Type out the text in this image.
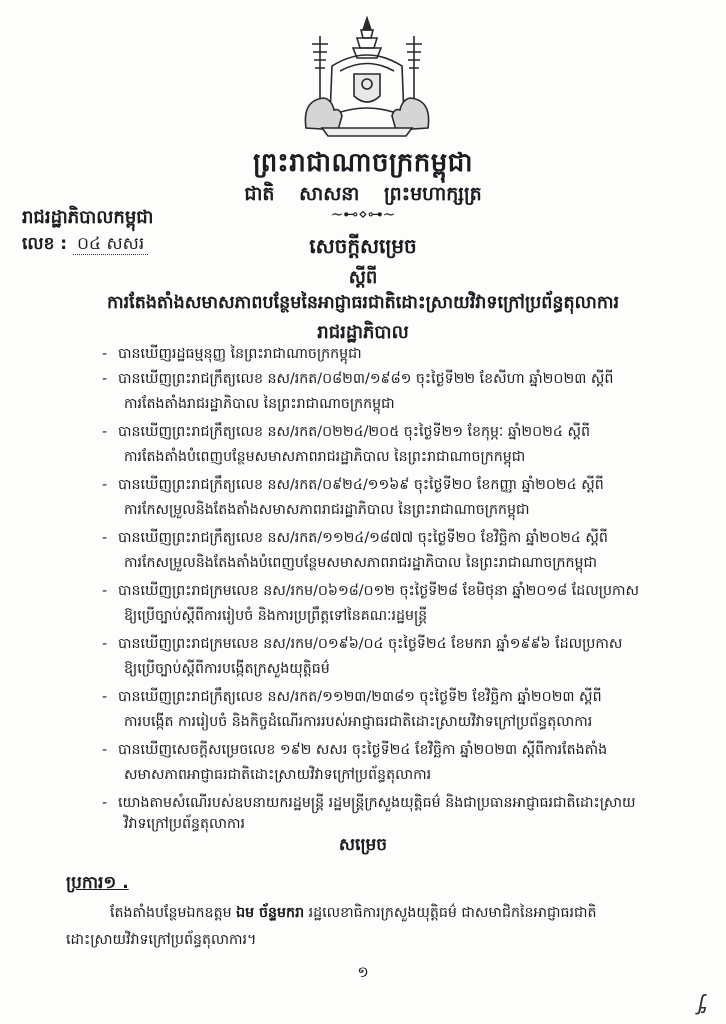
ព្រះរាជាណាចក្រកម្ពុជា
ជាតិ សាសនា ព្រះមហាក្សត្រ
~⊷⋄⊶~
រាជរដ្ឋាភិបាលកម្ពុជា
លេខ : ០៤ សសរ	សេចក្តីសម្រេច
ស្តីពី
ការតែងតាំងសមាសភាពបន្ថែមនៃអាជ្ញាធរជាតិដោះស្រាយវិវាទក្រៅប្រព័ន្ធតុលាការ
រាជរដ្ឋាភិបាល
- បានឃើញរដ្ឋធម្មនុញ្ញ នៃព្រះរាជាណាចក្រកម្ពុជា
- បានឃើញព្រះរាជក្រឹត្យលេខ នស/រកត/០៨២៣/១៩៨១ ចុះថ្ងៃទី២២ ខែសីហា ឆ្នាំ២០២៣ ស្តីពី
ការតែងតាំងរាជរដ្ឋាភិបាល នៃព្រះរាជាណាចក្រកម្ពុជា
- បានឃើញព្រះរាជក្រឹត្យលេខ នស/រកត/០២២៤/២០៥ ចុះថ្ងៃទី២១ ខែកុម្ភៈ ឆ្នាំ២០២៤ ស្តីពី
ការតែងតាំងបំពេញបន្ថែមសមាសភាពរាជរដ្ឋាភិបាល នៃព្រះរាជាណាចក្រកម្ពុជា
- បានឃើញព្រះរាជក្រឹត្យលេខ នស/រកត/០៩២៤/១១៦៩ ចុះថ្ងៃទី២០ ខែកញ្ញា ឆ្នាំ២០២៤ ស្តីពី
ការកែសម្រួលនិងតែងតាំងសមាសភាពរាជរដ្ឋាភិបាល នៃព្រះរាជាណាចក្រកម្ពុជា
- បានឃើញព្រះរាជក្រឹត្យលេខ នស/រកត/១១២៤/១៨៧៧ ចុះថ្ងៃទី២០ ខែវិច្ឆិកា ឆ្នាំ២០២៤ ស្តីពី
ការកែសម្រួលនិងតែងតាំងបំពេញបន្ថែមសមាសភាពរាជរដ្ឋាភិបាល នៃព្រះរាជាណាចក្រកម្ពុជា
- បានឃើញព្រះរាជក្រមលេខ នស/រកម/០៦១៨/០១២ ចុះថ្ងៃទី២៨ ខែមិថុនា ឆ្នាំ២០១៨ ដែលប្រកាស
ឱ្យប្រើច្បាប់ស្តីពីការរៀបចំ និងការប្រព្រឹត្តទៅនៃគណៈរដ្ឋមន្ត្រី
- បានឃើញព្រះរាជក្រមលេខ នស/រកម/០១៩៦/០៤ ចុះថ្ងៃទី២៤ ខែមករា ឆ្នាំ១៩៩៦ ដែលប្រកាស
ឱ្យប្រើច្បាប់ស្តីពីការបង្កើតក្រសួងយុត្តិធម៌
- បានឃើញព្រះរាជក្រឹត្យលេខ នស/រកត/១១២៣/២៣៨១ ចុះថ្ងៃទី២ ខែវិច្ឆិកា ឆ្នាំ២០២៣ ស្តីពី
ការបង្កើត ការរៀបចំ និងកិច្ចដំណើរការរបស់អាជ្ញាធរជាតិដោះស្រាយវិវាទក្រៅប្រព័ន្ធតុលាការ
- បានឃើញសេចក្តីសម្រេចលេខ ១៩២ សសរ ចុះថ្ងៃទី២៤ ខែវិច្ឆិកា ឆ្នាំ២០២៣ ស្តីពីការតែងតាំង
សមាសភាពអាជ្ញាធរជាតិដោះស្រាយវិវាទក្រៅប្រព័ន្ធតុលាការ
- យោងតាមសំណើរបស់ឧបនាយករដ្ឋមន្ត្រី រដ្ឋមន្ត្រីក្រសួងយុត្តិធម៌ និងជាប្រធានអាជ្ញាធរជាតិដោះស្រាយ
វិវាទក្រៅប្រព័ន្ធតុលាការ
សម្រេច
ប្រការ១ .
តែងតាំងបន្ថែមឯកឧត្តម ឯម ច័ន្ទមករា រដ្ឋលេខាធិការក្រសួងយុត្តិធម៌ ជាសមាជិកនៃអាជ្ញាធរជាតិ
ដោះស្រាយវិវាទក្រៅប្រព័ន្ធតុលាការ។
១
ᶋ
